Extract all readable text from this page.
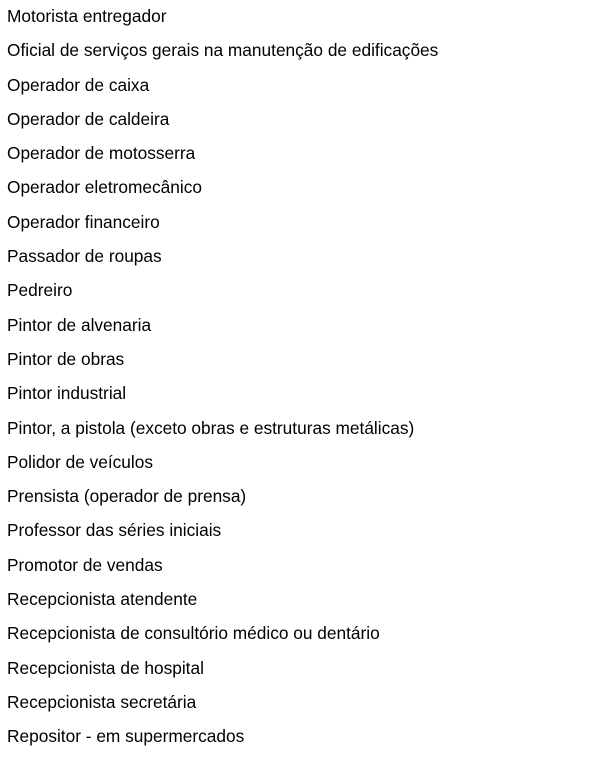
Motorista entregador
Oficial de serviços gerais na manutenção de edificações
Operador de caixa
Operador de caldeira
Operador de motosserra
Operador eletromecânico
Operador financeiro
Passador de roupas
Pedreiro
Pintor de alvenaria
Pintor de obras
Pintor industrial
Pintor, a pistola (exceto obras e estruturas metálicas)
Polidor de veículos
Prensista (operador de prensa)
Professor das séries iniciais
Promotor de vendas
Recepcionista atendente
Recepcionista de consultório médico ou dentário
Recepcionista de hospital
Recepcionista secretária
Repositor - em supermercados
